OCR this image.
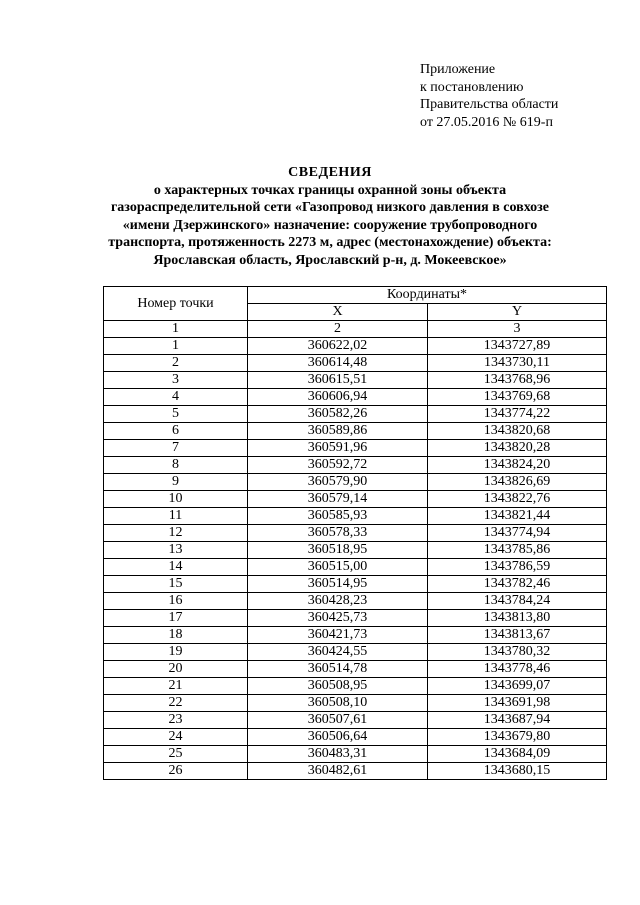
Приложение
к постановлению
Правительства области
от 27.05.2016 № 619-п
СВЕДЕНИЯ
о характерных точках границы охранной зоны объекта
газораспределительной сети «Газопровод низкого давления в совхозе
«имени Дзержинского» назначение: сооружение трубопроводного
транспорта, протяженность 2273 м, адрес (местонахождение) объекта:
Ярославская область, Ярославский р-н, д. Мокеевское»
Номер точки	Координаты*	
	X	Y
1	2	3
1	360622,02	1343727,89
2	360614,48	1343730,11
3	360615,51	1343768,96
4	360606,94	1343769,68
5	360582,26	1343774,22
6	360589,86	1343820,68
7	360591,96	1343820,28
8	360592,72	1343824,20
9	360579,90	1343826,69
10	360579,14	1343822,76
11	360585,93	1343821,44
12	360578,33	1343774,94
13	360518,95	1343785,86
14	360515,00	1343786,59
15	360514,95	1343782,46
16	360428,23	1343784,24
17	360425,73	1343813,80
18	360421,73	1343813,67
19	360424,55	1343780,32
20	360514,78	1343778,46
21	360508,95	1343699,07
22	360508,10	1343691,98
23	360507,61	1343687,94
24	360506,64	1343679,80
25	360483,31	1343684,09
26	360482,61	1343680,15
